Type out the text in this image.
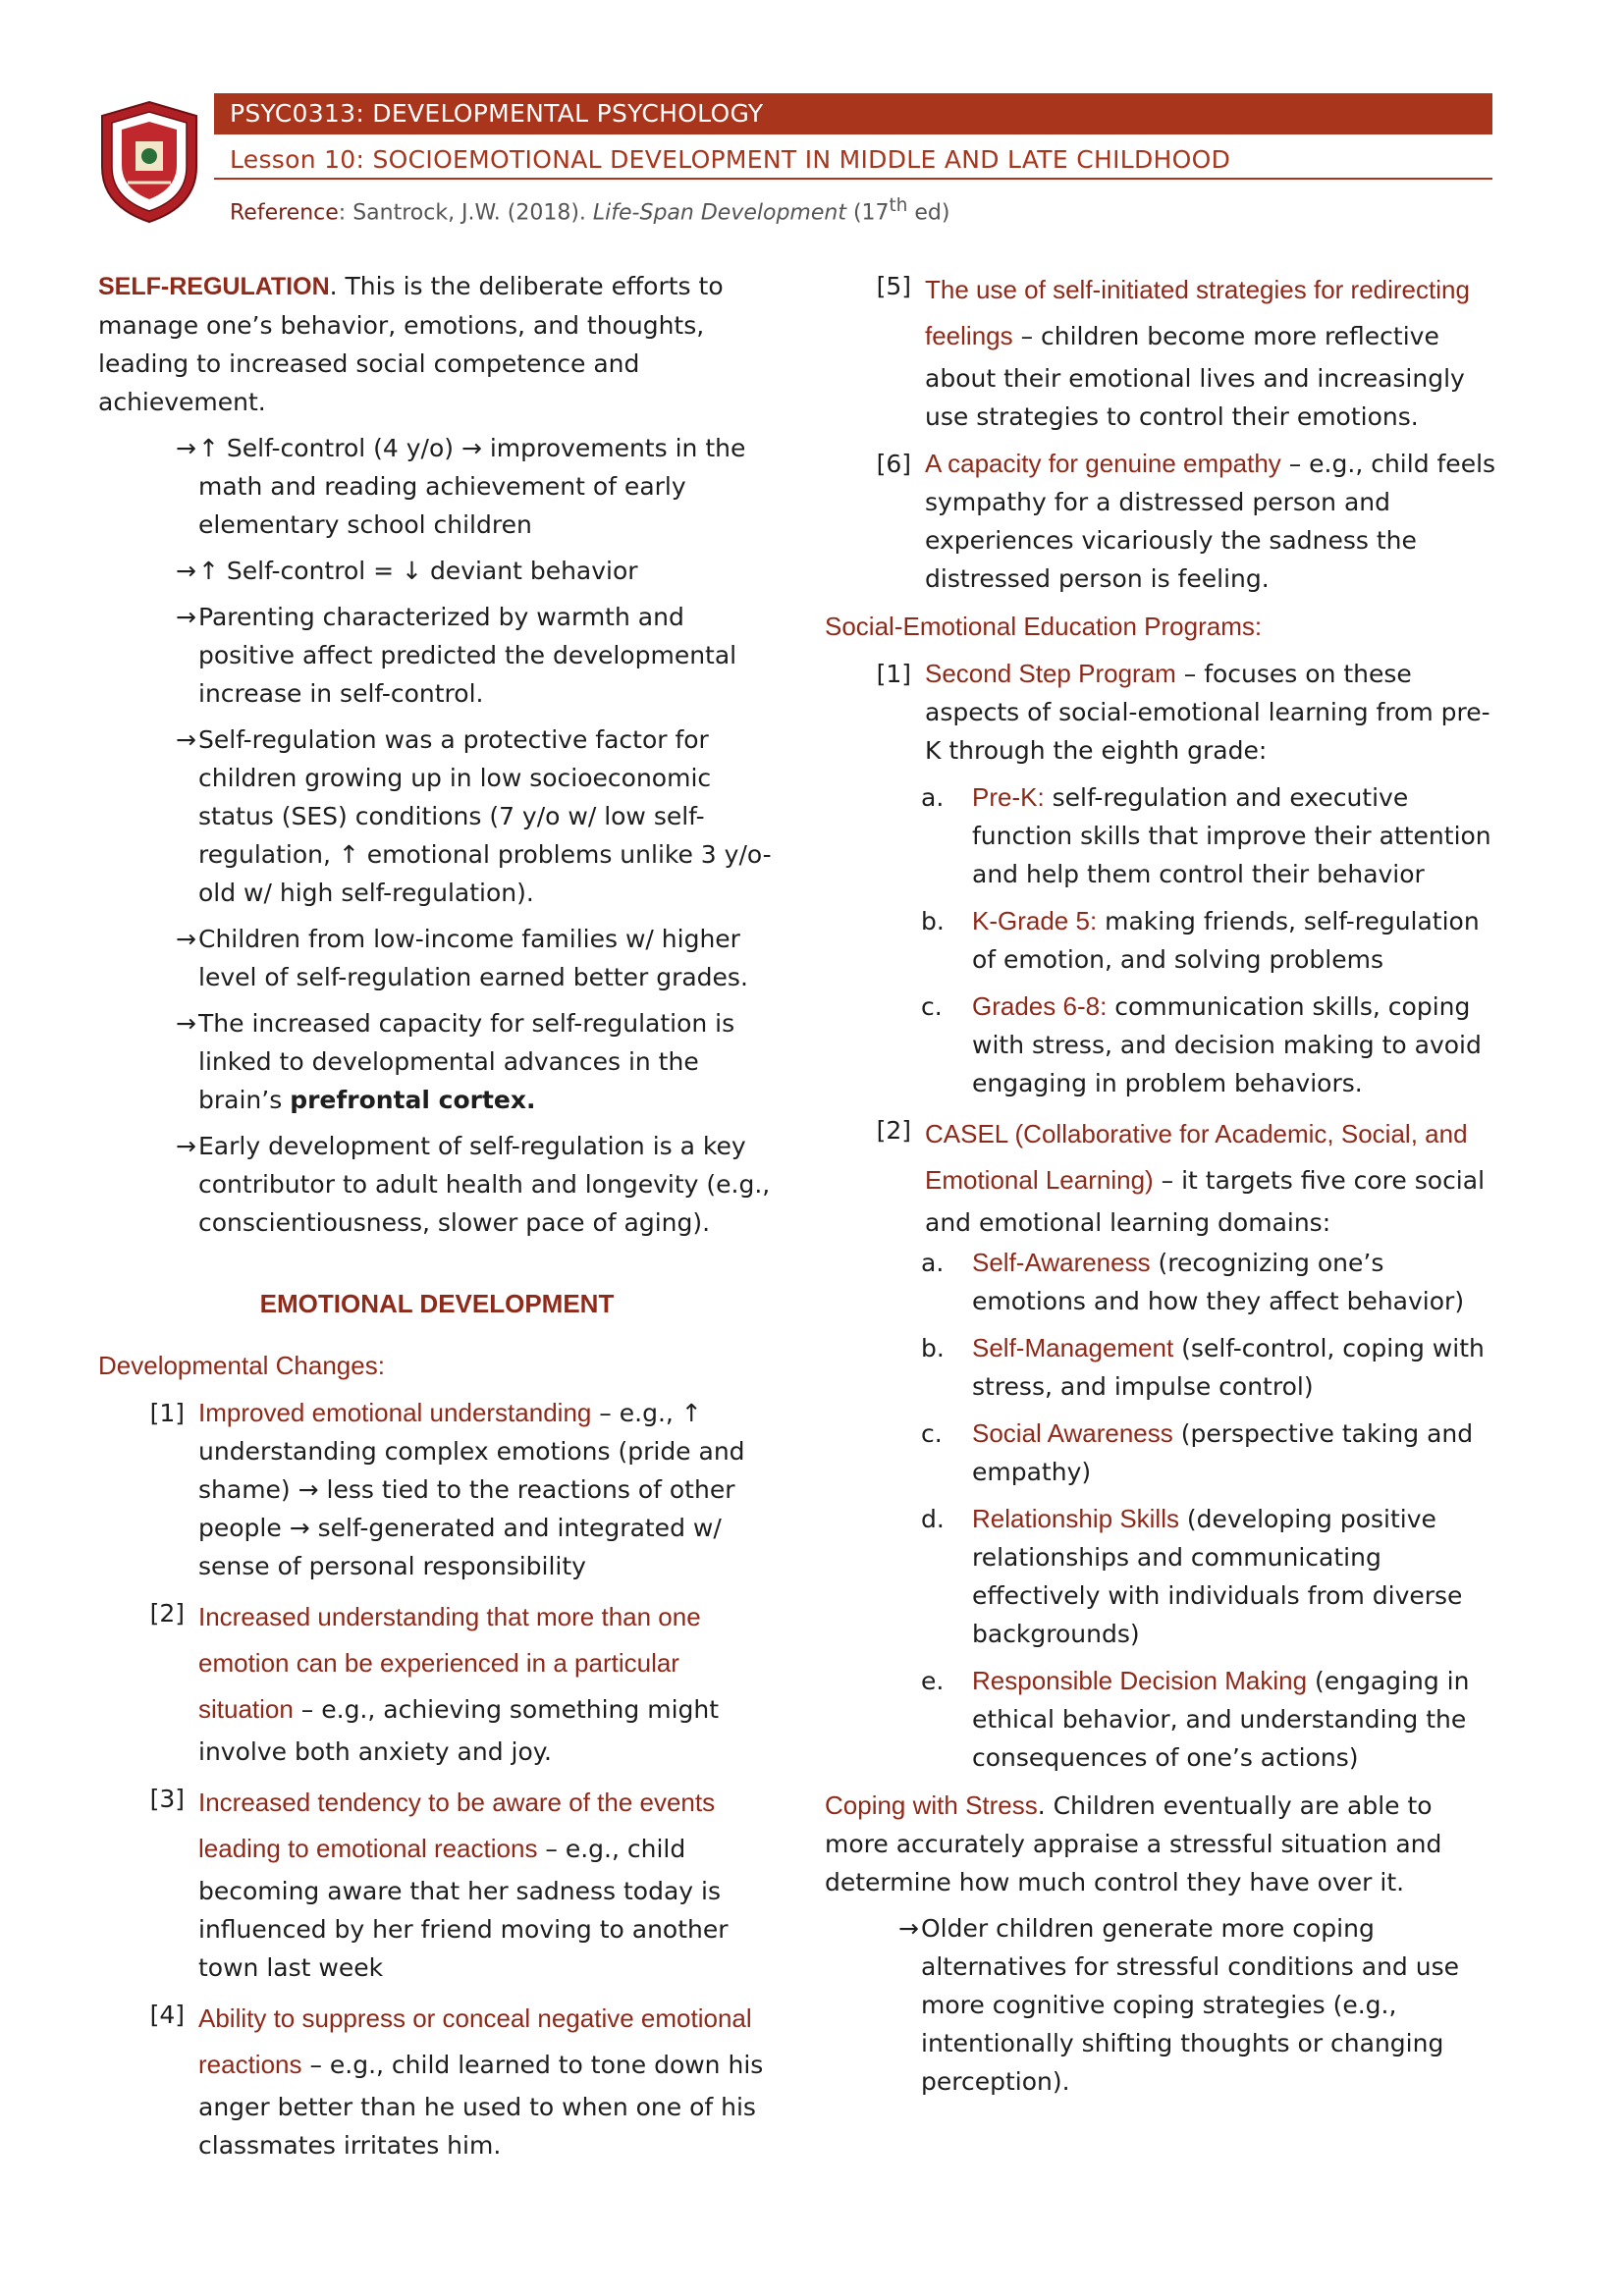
PSYC0313: DEVELOPMENTAL PSYCHOLOGY
Lesson 10: SOCIOEMOTIONAL DEVELOPMENT IN MIDDLE AND LATE CHILDHOOD
Reference: Santrock, J.W. (2018). Life-Span Development (17th ed)

SELF-REGULATION. This is the deliberate efforts to manage one’s behavior, emotions, and thoughts, leading to increased social competence and achievement.

→ ↑ Self-control (4 y/o) → improvements in the math and reading achievement of early elementary school children
→ ↑ Self-control = ↓ deviant behavior
→ Parenting characterized by warmth and positive affect predicted the developmental increase in self-control.
→ Self-regulation was a protective factor for children growing up in low socioeconomic status (SES) conditions (7 y/o w/ low self-regulation, ↑ emotional problems unlike 3 y/o-old w/ high self-regulation).
→ Children from low-income families w/ higher level of self-regulation earned better grades.
→ The increased capacity for self-regulation is linked to developmental advances in the brain’s prefrontal cortex.
→ Early development of self-regulation is a key contributor to adult health and longevity (e.g., conscientiousness, slower pace of aging).
EMOTIONAL DEVELOPMENT

Developmental Changes:

[1] Improved emotional understanding – e.g., ↑ understanding complex emotions (pride and shame) → less tied to the reactions of other people → self-generated and integrated w/ sense of personal responsibility
[2] Increased understanding that more than one emotion can be experienced in a particular situation – e.g., achieving something might involve both anxiety and joy.
[3] Increased tendency to be aware of the events leading to emotional reactions – e.g., child becoming aware that her sadness today is influenced by her friend moving to another town last week
[4] Ability to suppress or conceal negative emotional reactions – e.g., child learned to tone down his anger better than he used to when one of his classmates irritates him.
[5] The use of self-initiated strategies for redirecting feelings – children become more reflective about their emotional lives and increasingly use strategies to control their emotions.
[6] A capacity for genuine empathy – e.g., child feels sympathy for a distressed person and experiences vicariously the sadness the distressed person is feeling.

Social-Emotional Education Programs:

[1] Second Step Program – focuses on these aspects of social-emotional learning from pre-K through the eighth grade:
a.	Pre-K: self-regulation and executive function skills that improve their attention and help them control their behavior
b.	K-Grade 5: making friends, self-regulation of emotion, and solving problems
c.	Grades 6-8: communication skills, coping with stress, and decision making to avoid engaging in problem behaviors.
[2] CASEL (Collaborative for Academic, Social, and Emotional Learning) – it targets five core social and emotional learning domains:
a.	Self-Awareness (recognizing one’s emotions and how they affect behavior)
b.	Self-Management (self-control, coping with stress, and impulse control)
c.	Social Awareness (perspective taking and empathy)
d.	Relationship Skills (developing positive relationships and communicating effectively with individuals from diverse backgrounds)
e.	Responsible Decision Making (engaging in ethical behavior, and understanding the consequences of one’s actions)

Coping with Stress. Children eventually are able to more accurately appraise a stressful situation and determine how much control they have over it.

→ Older children generate more coping alternatives for stressful conditions and use more cognitive coping strategies (e.g., intentionally shifting thoughts or changing perception).
